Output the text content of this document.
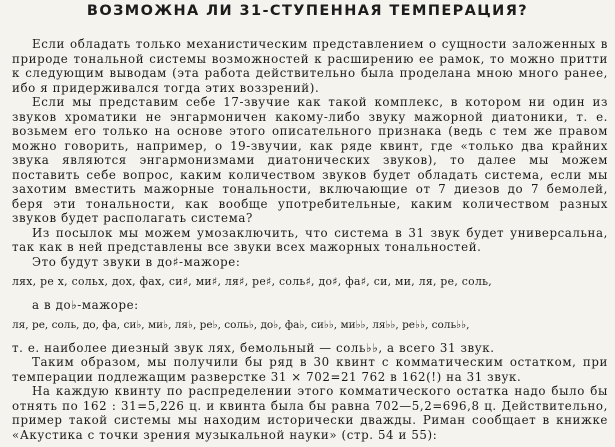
ВОЗМОЖНА ЛИ 31-СТУПЕННАЯ ТЕМПЕРАЦИЯ?

Если обладать только механистическим представлением о сущности заложенных в природе тональной системы возможностей к расширению ее рамок, то можно притти к следующим выводам (эта работа действительно была проделана мною много ранее, ибо я придерживался тогда этих воззрений).

Если мы представим себе 17-звучие как такой комплекс, в котором ни один из звуков хроматики не энгармоничен какому-либо звуку мажорной диатоники, т. е. возьмем его только на основе этого описательного признака (ведь с тем же правом можно говорить, например, о 19-звучии, как ряде квинт, где «только два крайних звука являются энгармонизмами диатонических звуков), то далее мы можем поставить себе вопрос, каким количеством звуков будет обладать система, если мы захотим вместить мажорные тональности, включающие от 7 диезов до 7 бемолей, беря эти тональности, как вообще употребительные, каким количеством разных звуков будет располагать система?

Из посылок мы можем умозаключить, что система в 31 звук будет универсальна, так как в ней представлены все звуки всех мажорных тональностей.

Это будут звуки в до♯-мажоре:

ляx, ре x, сольx, доx, фаx, си♯, ми♯, ля♯, ре♯, соль♯, до♯, фа♯, си, ми, ля, ре, соль,

а в до♭-мажоре:

ля, ре, соль, до, фа, си♭, ми♭, ля♭, ре♭, соль♭, до♭, фа♭, си♭♭, ми♭♭, ля♭♭, ре♭♭, соль♭♭,

т. е. наиболее диезный звук ляx, бемольный — соль♭♭, а всего 31 звук.

Таким образом, мы получили бы ряд в 30 квинт с комматическим остатком, при темперации подлежащим разверстке 31 × 702=21 762 в 162(!) на 31 звук.

На каждую квинту по распределении этого комматического остатка надо было бы отнять по 162 : 31=5,226 ц. и квинта была бы равна 702—5,2=696,8 ц. Действительно, пример такой системы мы находим исторически дважды. Риман сообщает в книжке «Акустика с точки зрения музыкальной науки» (стр. 54 и 55):
